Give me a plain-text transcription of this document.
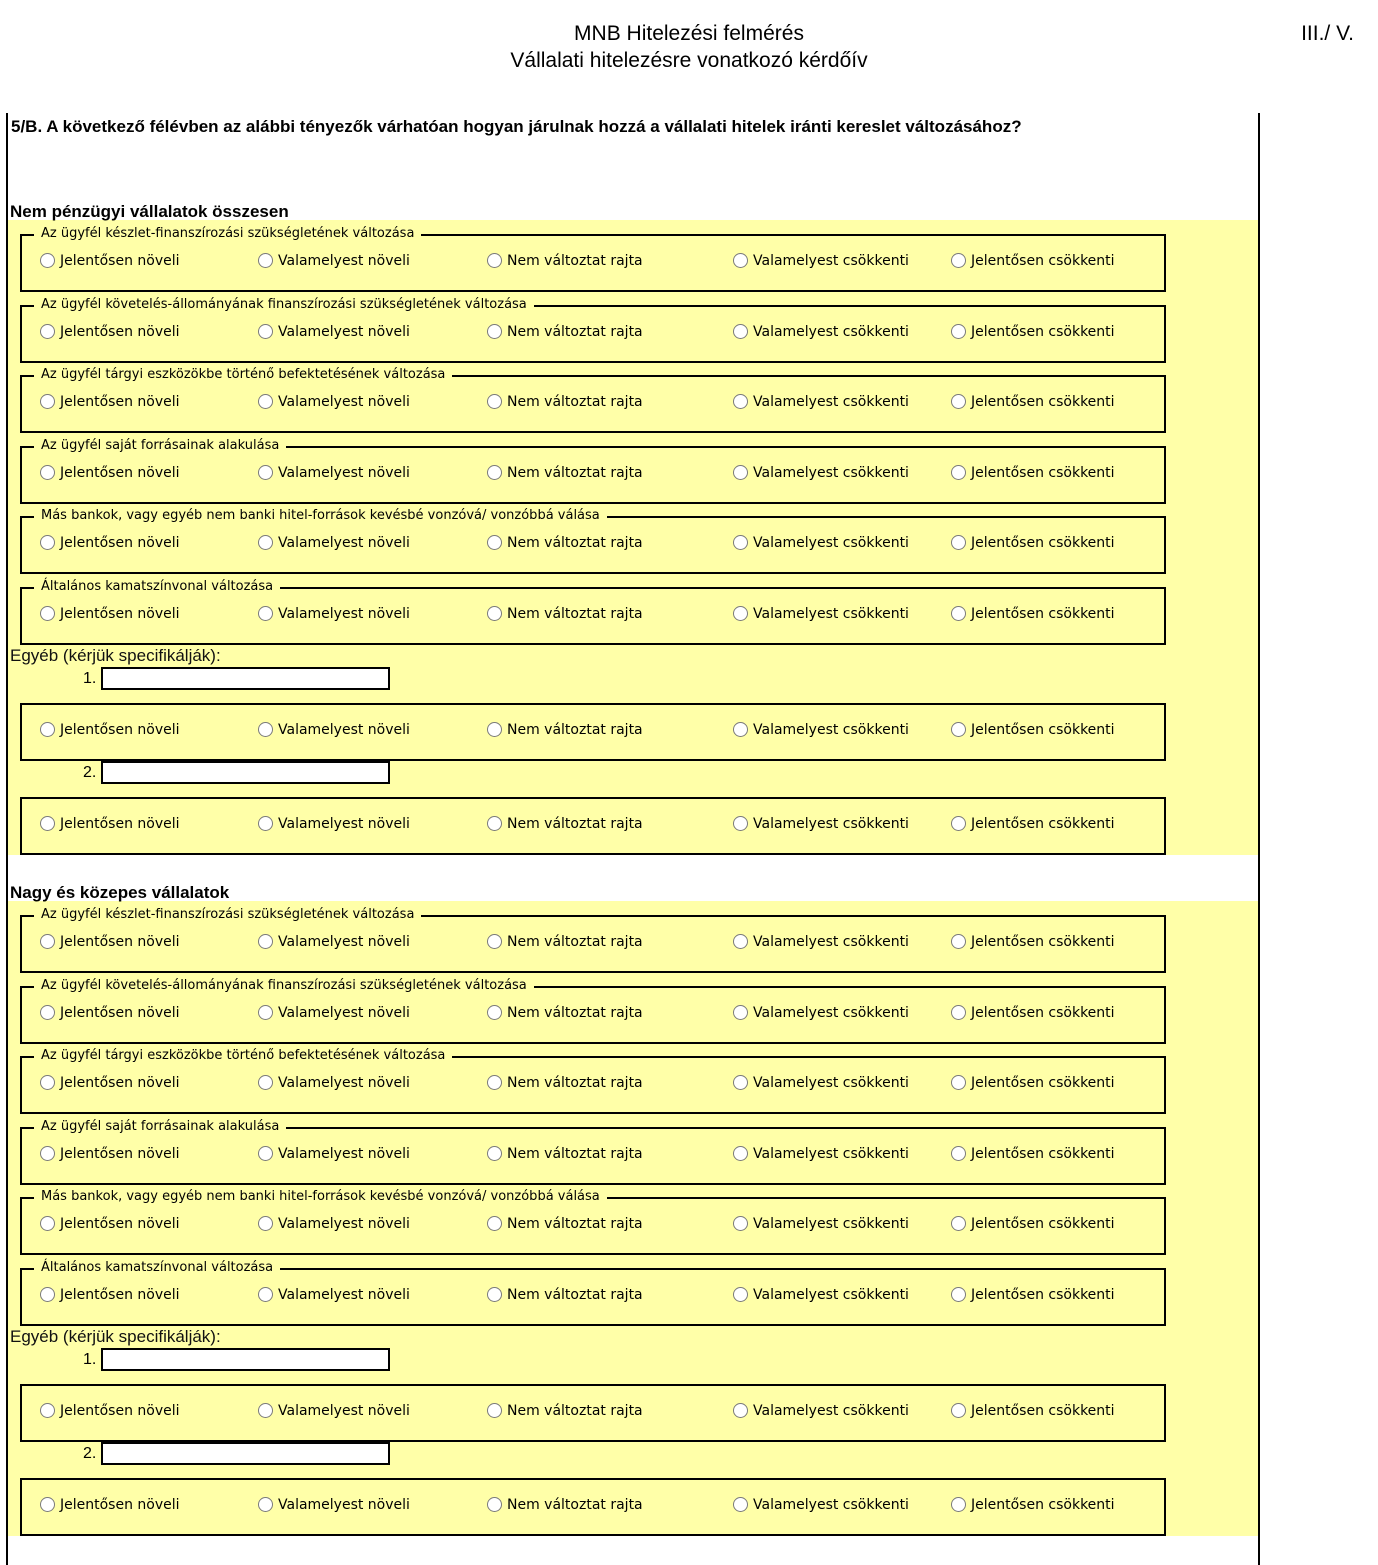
MNB Hitelezési felmérés
Vállalati hitelezésre vonatkozó kérdőív
III./ V.
5/B. A következő félévben az alábbi tényezők várhatóan hogyan járulnak hozzá a vállalati hitelek iránti kereslet változásához?
Nem pénzügyi vállalatok összesen
Az ügyfél készlet-finanszírozási szükségletének változása
Jelentősen növeli	Valamelyest növeli	Nem változtat rajta	Valamelyest csökkenti	Jelentősen csökkenti
Az ügyfél követelés-állományának finanszírozási szükségletének változása
Jelentősen növeli	Valamelyest növeli	Nem változtat rajta	Valamelyest csökkenti	Jelentősen csökkenti
Az ügyfél tárgyi eszközökbe történő befektetésének változása
Jelentősen növeli	Valamelyest növeli	Nem változtat rajta	Valamelyest csökkenti	Jelentősen csökkenti
Az ügyfél saját forrásainak alakulása
Jelentősen növeli	Valamelyest növeli	Nem változtat rajta	Valamelyest csökkenti	Jelentősen csökkenti
Más bankok, vagy egyéb nem banki hitel-források kevésbé vonzóvá/ vonzóbbá válása
Jelentősen növeli	Valamelyest növeli	Nem változtat rajta	Valamelyest csökkenti	Jelentősen csökkenti
Általános kamatszínvonal változása
Jelentősen növeli	Valamelyest növeli	Nem változtat rajta	Valamelyest csökkenti	Jelentősen csökkenti
Egyéb (kérjük specifikálják):
1.
Jelentősen növeli	Valamelyest növeli	Nem változtat rajta	Valamelyest csökkenti	Jelentősen csökkenti
2.
Jelentősen növeli	Valamelyest növeli	Nem változtat rajta	Valamelyest csökkenti	Jelentősen csökkenti
Nagy és közepes vállalatok
Az ügyfél készlet-finanszírozási szükségletének változása
Jelentősen növeli	Valamelyest növeli	Nem változtat rajta	Valamelyest csökkenti	Jelentősen csökkenti
Az ügyfél követelés-állományának finanszírozási szükségletének változása
Jelentősen növeli	Valamelyest növeli	Nem változtat rajta	Valamelyest csökkenti	Jelentősen csökkenti
Az ügyfél tárgyi eszközökbe történő befektetésének változása
Jelentősen növeli	Valamelyest növeli	Nem változtat rajta	Valamelyest csökkenti	Jelentősen csökkenti
Az ügyfél saját forrásainak alakulása
Jelentősen növeli	Valamelyest növeli	Nem változtat rajta	Valamelyest csökkenti	Jelentősen csökkenti
Más bankok, vagy egyéb nem banki hitel-források kevésbé vonzóvá/ vonzóbbá válása
Jelentősen növeli	Valamelyest növeli	Nem változtat rajta	Valamelyest csökkenti	Jelentősen csökkenti
Általános kamatszínvonal változása
Jelentősen növeli	Valamelyest növeli	Nem változtat rajta	Valamelyest csökkenti	Jelentősen csökkenti
Egyéb (kérjük specifikálják):
1.
Jelentősen növeli	Valamelyest növeli	Nem változtat rajta	Valamelyest csökkenti	Jelentősen csökkenti
2.
Jelentősen növeli	Valamelyest növeli	Nem változtat rajta	Valamelyest csökkenti	Jelentősen csökkenti
